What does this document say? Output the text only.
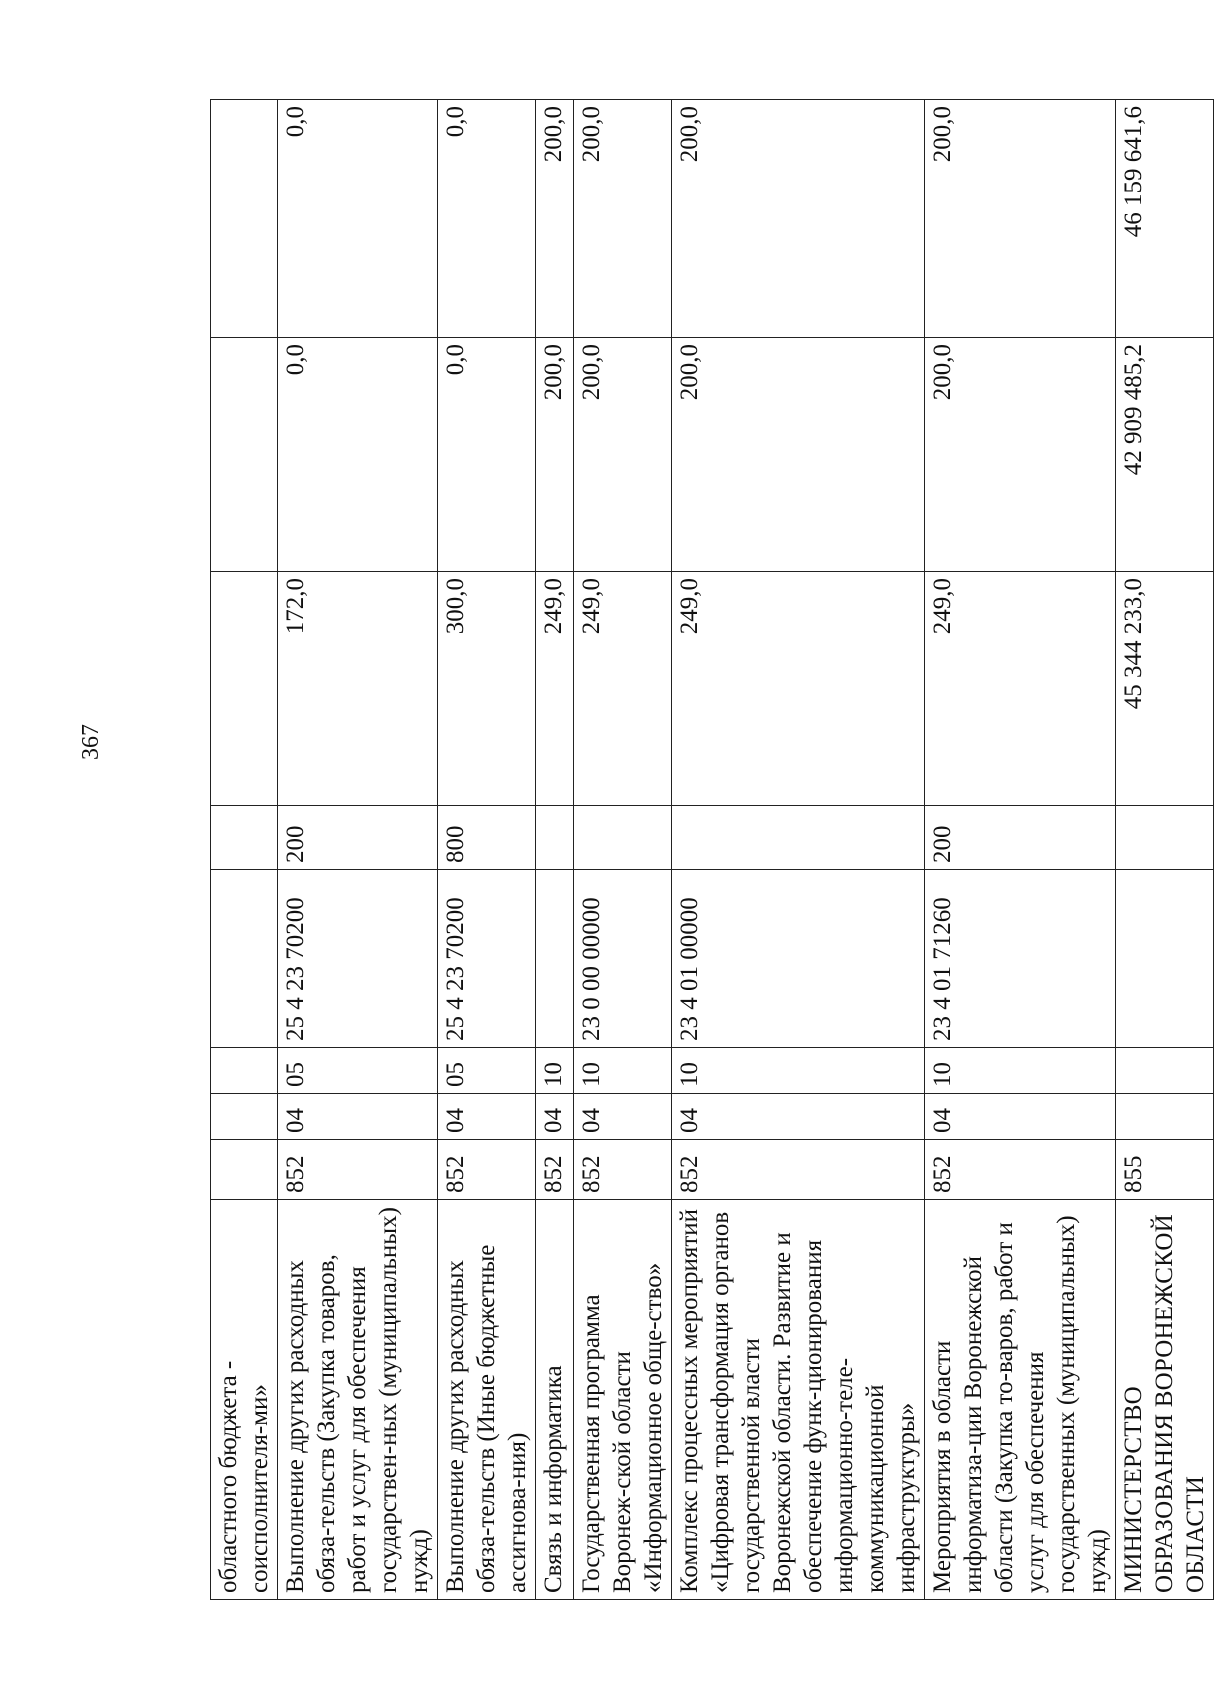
367
областного бюджета - соисполнителя-ми»								
Выполнение других расходных обяза-тельств (Закупка товаров, работ и услуг для обеспечения государствен-ных (муниципальных) нужд)	852	04	05	25 4 23 70200	200	172,0	0,0	0,0
Выполнение других расходных обяза-тельств (Иные бюджетные ассигнова-ния)	852	04	05	25 4 23 70200	800	300,0	0,0	0,0
Связь и информатика	852	04	10			249,0	200,0	200,0
Государственная программа Воронеж-ской области «Информационное обще-ство»	852	04	10	23 0 00 00000		249,0	200,0	200,0
Комплекс процессных мероприятий «Цифровая трансформация органов государственной власти Воронежской области. Развитие и обеспечение функ-ционирования информационно-теле-коммуникационной инфраструктуры»	852	04	10	23 4 01 00000		249,0	200,0	200,0
Мероприятия в области информатиза-ции Воронежской области (Закупка то-варов, работ и услуг для обеспечения государственных (муниципальных) нужд)	852	04	10	23 4 01 71260	200	249,0	200,0	200,0
МИНИСТЕРСТВО ОБРАЗОВАНИЯ ВОРОНЕЖСКОЙ ОБЛАСТИ	855					45 344 233,0	42 909 485,2	46 159 641,6
